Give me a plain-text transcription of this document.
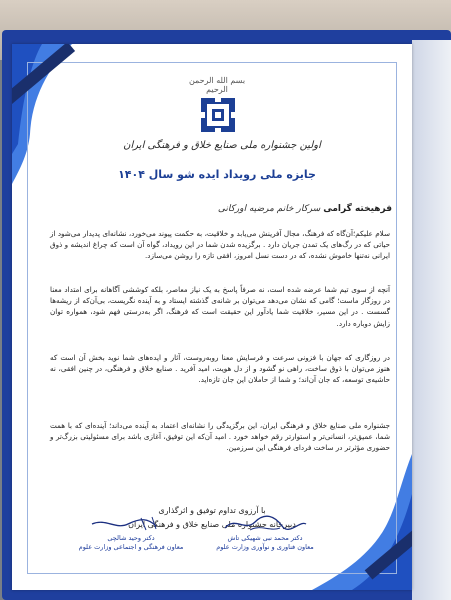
بسم الله الرحمن الرحیم
اولین جشنواره ملی صنایع خلاق و فرهنگی ایران
جایزه ملی رویداد ایده شو سال ۱۴۰۴
فرهیخته گرامی سرکار خانم مرضیه اورکانی

سلام علیکم؛آن‌گاه که فرهنگ، مجال آفرینش می‌یابد و خلاقیت، به حکمت پیوند می‌خورد، نشانه‌ای پدیدار می‌شود از حیاتی که در رگ‌های یک تمدن جریان دارد . برگزیده شدن شما در این رویداد، گواه آن است که چراغ اندیشه و ذوق ایرانی نه‌تنها خاموش نشده، که در دست نسل امروز، افقی تازه را روشن می‌سازد.

آنچه از سوی تیم شما عرضه شده است، نه صرفاً پاسخ به یک نیاز معاصر، بلکه کوششی آگاهانه برای امتداد معنا در روزگار ماست؛ گامی که نشان می‌دهد می‌توان بر شانه‌ی گذشته ایستاد و به آینده نگریست، بی‌آن‌که از ریشه‌ها گسست . در این مسیر، خلاقیت شما یادآور این حقیقت است که فرهنگ، اگر به‌درستی فهم شود، همواره توان زایش دوباره دارد.

در روزگاری که جهان با فزونی سرعت و فرسایش معنا روبه‌روست، آثار و ایده‌های شما نوید بخش آن است که هنوز می‌توان با ذوق ساخت، راهی نو گشود و از دل هویت، امید آفرید . صنایع خلاق و فرهنگی، در چنین افقی، نه حاشیه‌ی توسعه، که جان آن‌اند؛ و شما از حاملان این جان تازه‌اید.

جشنواره ملی صنایع خلاق و فرهنگی ایران، این برگزیدگی را نشانه‌ای اعتماد به آینده می‌داند؛ آینده‌ای که با همت شما، عمیق‌تر، انسانی‌تر و استوارتر رقم خواهد خورد . امید آن‌که این توفیق، آغازی باشد برای مسئولیتی بزرگ‌تر و حضوری مؤثرتر در ساخت فردای فرهنگی این سرزمین.

با آرزوی تداوم توفیق و اثرگذاری
دبیرخانه جشنواره ملی صنایع خلاق و فرهنگی ایران
دکتر محمد نبی شهیکی تاش
معاون فناوری و نوآوری وزارت علوم
دکتر وحید شالچی
معاون فرهنگی و اجتماعی وزارت علوم
